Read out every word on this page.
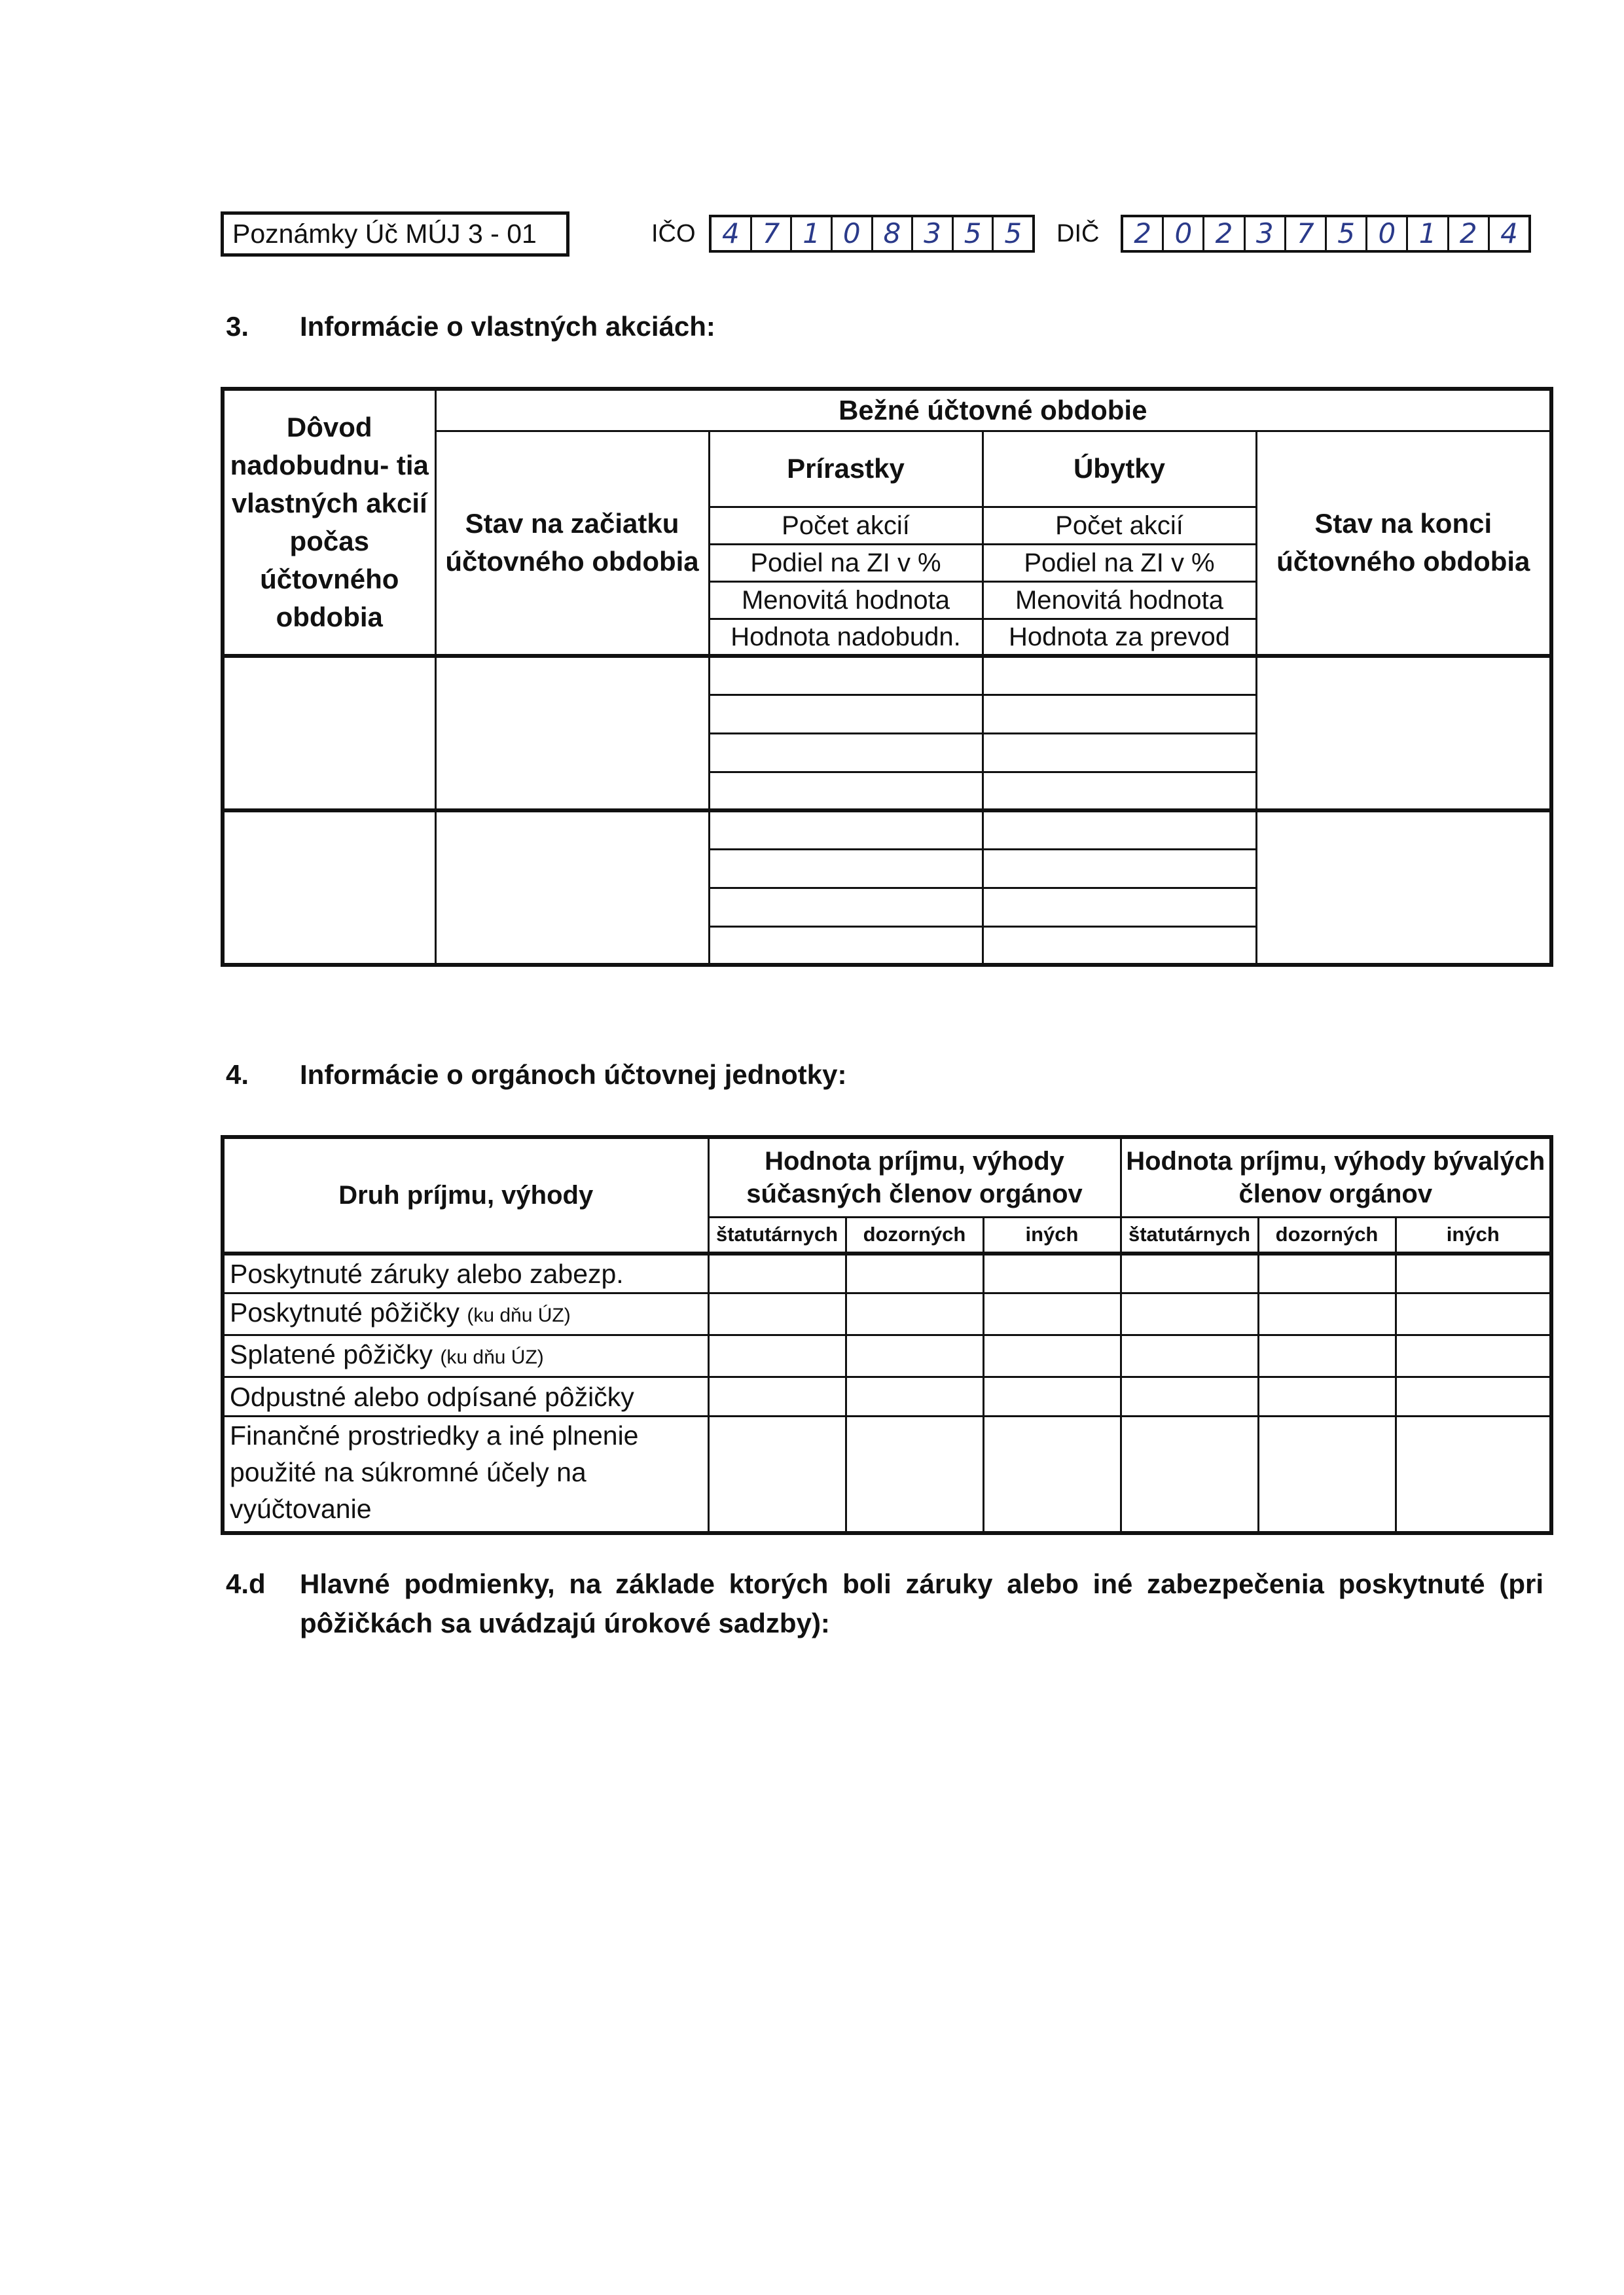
Poznámky Úč MÚJ 3 - 01	IČO 4 7 1 0 8 3 5 5	DIČ	2 0 2 3 7 5 0 1 2 4
3. Informácie o vlastných akciách:
Dôvod nadobudnu- tia vlastných akcií počas účtovného obdobia	Bežné účtovné obdobie			
	Stav na začiatku účtovného obdobia	Prírastky	Úbytky	Stav na konci účtovného obdobia
		Počet akcií	Počet akcií	
		Podiel na ZI v %	Podiel na ZI v %	
		Menovitá hodnota	Menovitá hodnota	
		Hodnota nadobudn.	Hodnota za prevod	

4. Informácie o orgánoch účtovnej jednotky:
Druh príjmu, výhody	Hodnota príjmu, výhody súčasných členov orgánov			Hodnota príjmu, výhody bývalých členov orgánov		
	štatutárnych	dozorných	iných	štatutárnych	dozorných	iných
Poskytnuté záruky alebo zabezp.						
Poskytnuté pôžičky (ku dňu ÚZ)						
Splatené pôžičky (ku dňu ÚZ)						
Odpustné alebo odpísané pôžičky						
Finančné prostriedky a iné plnenie použité na súkromné účely na vyúčtovanie						
4.d Hlavné podmienky, na základe ktorých boli záruky alebo iné zabezpečenia poskytnuté (pri pôžičkách sa uvádzajú úrokové sadzby):
